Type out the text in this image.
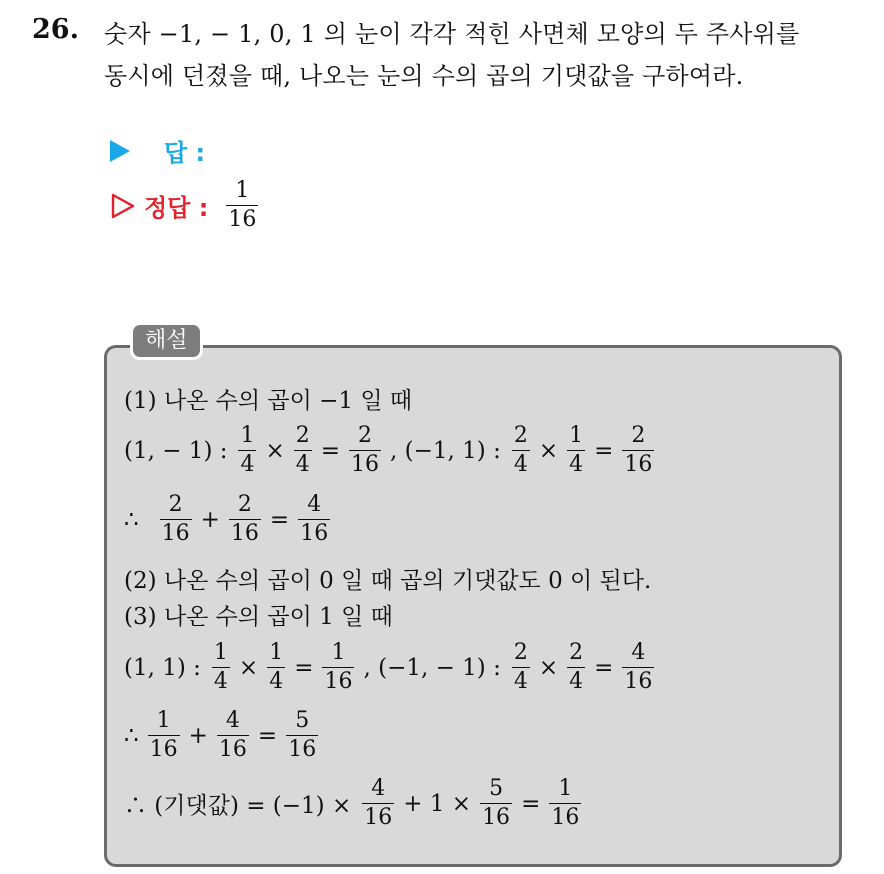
26. 숫자 −1, − 1, 0, 1 의 눈이 각각 적힌 사면체 모양의 두 주사위를
동시에 던졌을 때, 나오는 눈의 수의 곱의 기댓값을 구하여라.
답 :
정답 : $\frac{1}{16}$
해설
(1) 나온 수의 곱이 −1 일 때
(1, − 1) : $\frac{1}{4} \times \frac{2}{4} = \frac{2}{16}$ , (−1, 1) : $\frac{2}{4} \times \frac{1}{4} = \frac{2}{16}$
∴ $\frac{2}{16} + \frac{2}{16} = \frac{4}{16}$
(2) 나온 수의 곱이 0 일 때 곱의 기댓값도 0 이 된다.
(3) 나온 수의 곱이 1 일 때
(1, 1) : $\frac{1}{4} \times \frac{1}{4} = \frac{1}{16}$ , (−1, − 1) : $\frac{2}{4} \times \frac{2}{4} = \frac{4}{16}$
∴ $\frac{1}{16} + \frac{4}{16} = \frac{5}{16}$
∴ (기댓값) = $(-1) \times \frac{4}{16} + 1 \times \frac{5}{16} = \frac{1}{16}$
